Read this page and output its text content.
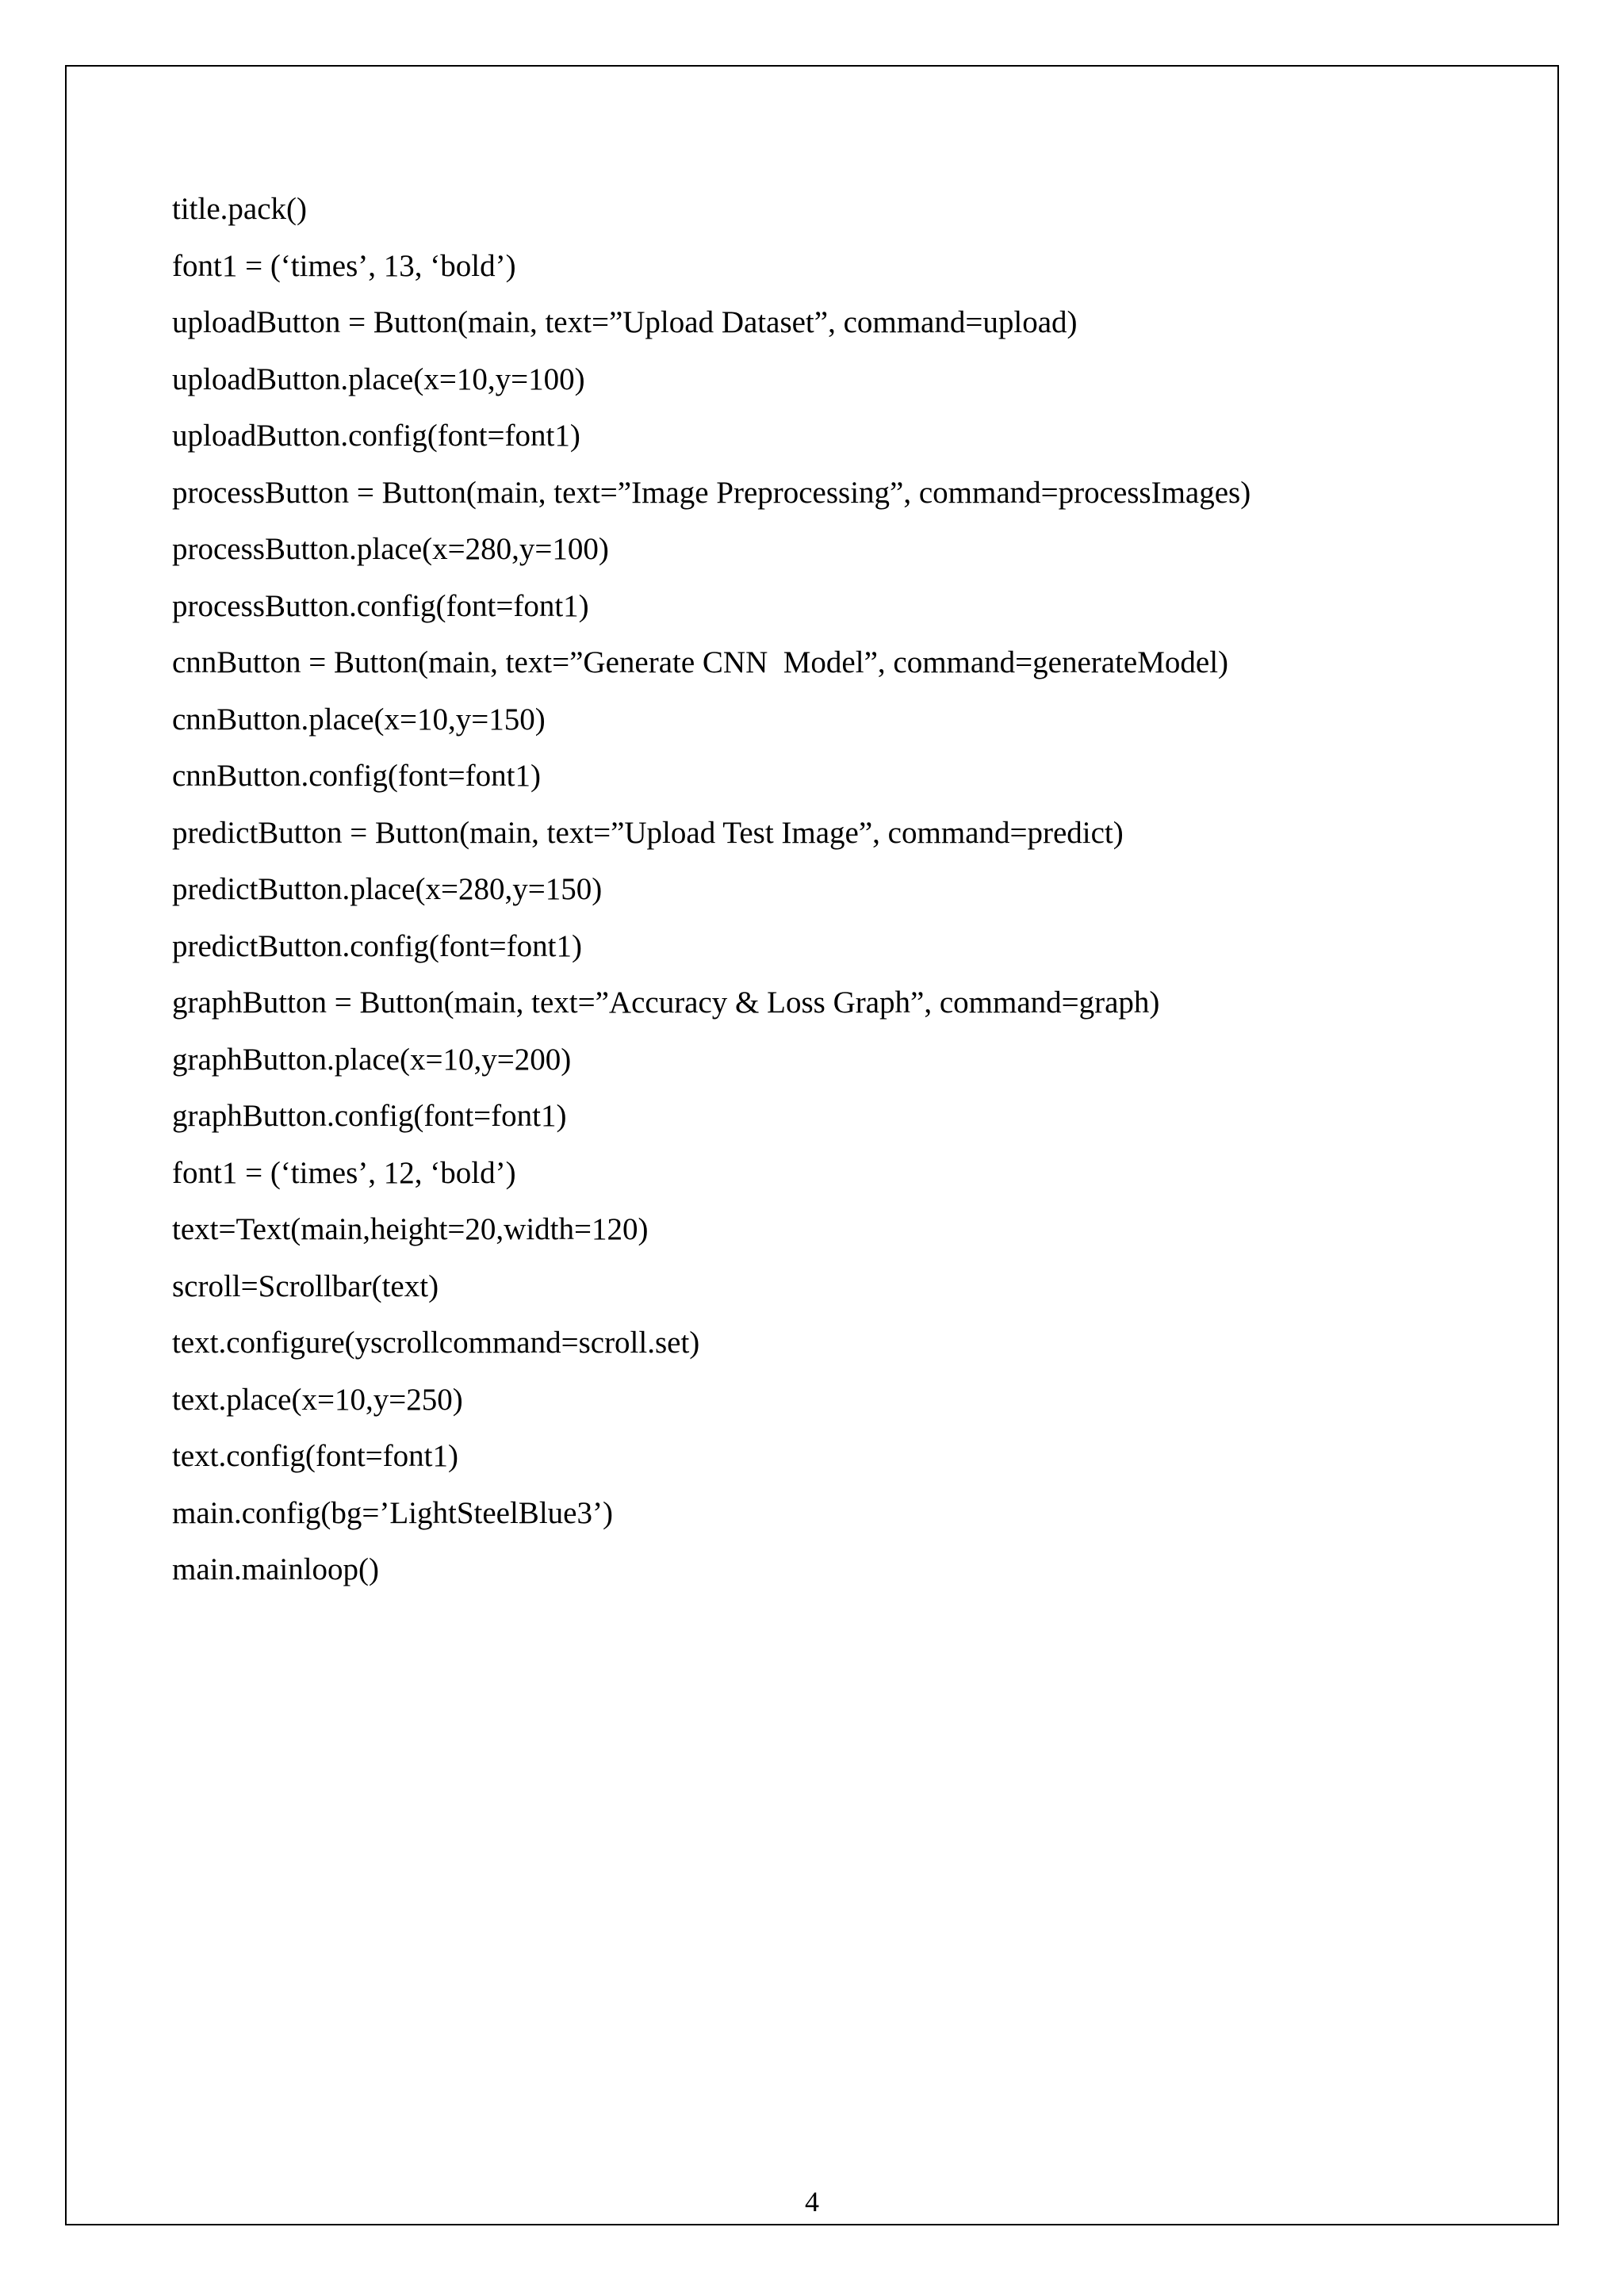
title.pack()
font1 = (‘times’, 13, ‘bold’)
uploadButton = Button(main, text=”Upload Dataset”, command=upload)
uploadButton.place(x=10,y=100)
uploadButton.config(font=font1)
processButton = Button(main, text=”Image Preprocessing”, command=processImages)
processButton.place(x=280,y=100)
processButton.config(font=font1)
cnnButton = Button(main, text=”Generate CNN  Model”, command=generateModel)
cnnButton.place(x=10,y=150)
cnnButton.config(font=font1)
predictButton = Button(main, text=”Upload Test Image”, command=predict)
predictButton.place(x=280,y=150)
predictButton.config(font=font1)
graphButton = Button(main, text=”Accuracy & Loss Graph”, command=graph)
graphButton.place(x=10,y=200)
graphButton.config(font=font1)
font1 = (‘times’, 12, ‘bold’)
text=Text(main,height=20,width=120)
scroll=Scrollbar(text)
text.configure(yscrollcommand=scroll.set)
text.place(x=10,y=250)
text.config(font=font1)
main.config(bg=’LightSteelBlue3’)
main.mainloop()
4
